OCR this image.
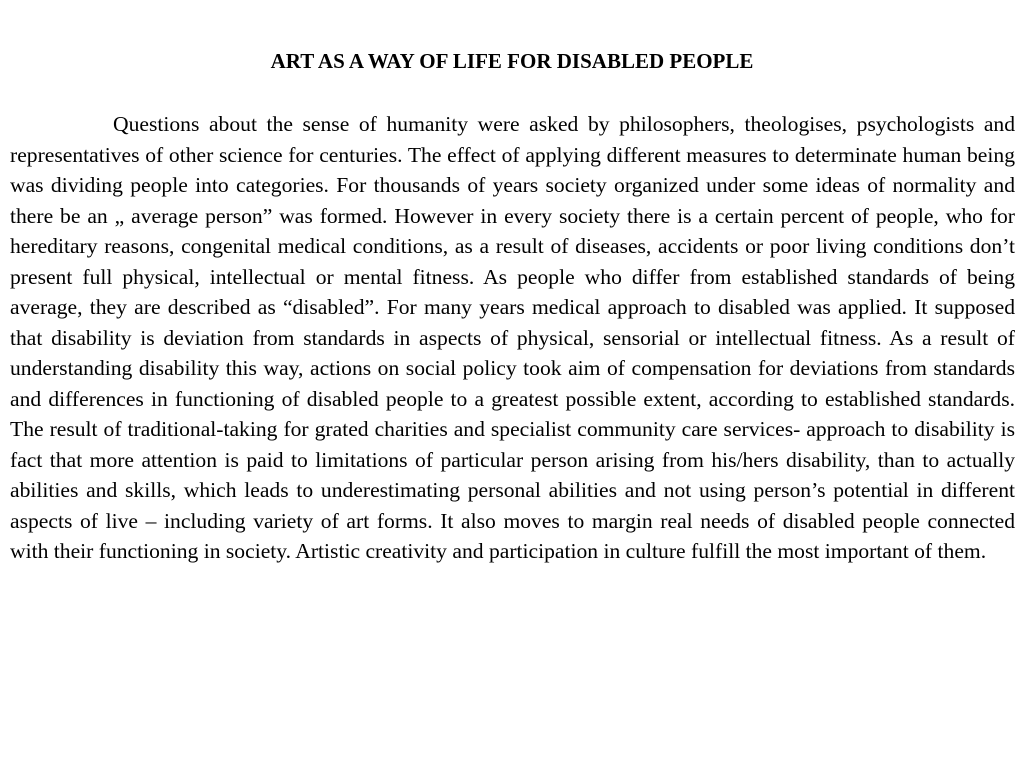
ART AS A WAY OF LIFE FOR DISABLED PEOPLE

Questions about the sense of humanity were asked by philosophers, theologises, psychologists and representatives of other science for centuries. The effect of applying different measures to determinate human being was dividing people into categories. For thousands of years society organized under some ideas of normality and there be an „ average person” was formed. However in every society there is a certain percent of people, who for hereditary reasons, congenital medical conditions, as a result of diseases, accidents or poor living conditions don’t present full physical, intellectual or mental fitness. As people who differ from established standards of being average, they are described as “disabled”. For many years medical approach to disabled was applied. It supposed that disability is deviation from standards in aspects of physical, sensorial or intellectual fitness. As a result of understanding disability this way, actions on social policy took aim of compensation for deviations from standards and differences in functioning of disabled people to a greatest possible extent, according to established standards. The result of traditional-taking for grated charities and specialist community care services- approach to disability is fact that more attention is paid to limitations of particular person arising from his/hers disability, than to actually abilities and skills, which leads to underestimating personal abilities and not using person’s potential in different aspects of live – including variety of art forms. It also moves to margin real needs of disabled people connected with their functioning in society. Artistic creativity and participation in culture fulfill the most important of them.
